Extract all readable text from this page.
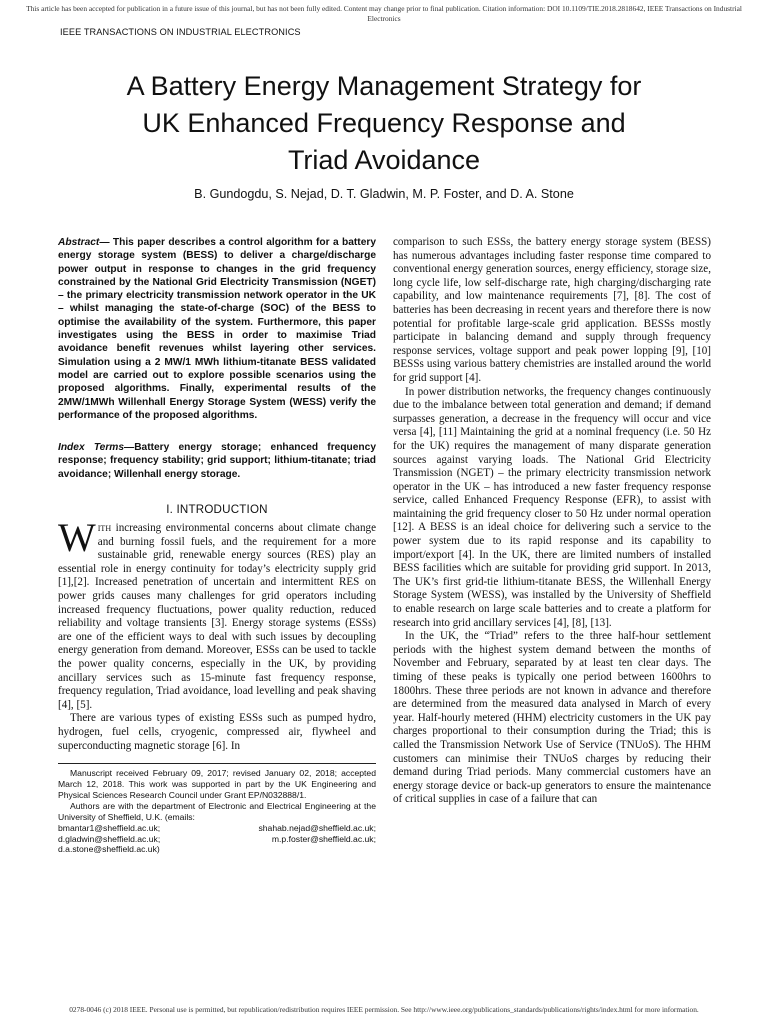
This article has been accepted for publication in a future issue of this journal, but has not been fully edited. Content may change prior to final publication. Citation information: DOI 10.1109/TIE.2018.2818642, IEEE Transactions on Industrial Electronics
IEEE TRANSACTIONS ON INDUSTRIAL ELECTRONICS
A Battery Energy Management Strategy for
UK Enhanced Frequency Response and
Triad Avoidance
B. Gundogdu, S. Nejad, D. T. Gladwin, M. P. Foster, and D. A. Stone

Abstract— This paper describes a control algorithm for a battery energy storage system (BESS) to deliver a charge/discharge power output in response to changes in the grid frequency constrained by the National Grid Electricity Transmission (NGET) – the primary electricity transmission network operator in the UK – whilst managing the state-of-charge (SOC) of the BESS to optimise the availability of the system. Furthermore, this paper investigates using the BESS in order to maximise Triad avoidance benefit revenues whilst layering other services. Simulation using a 2 MW/1 MWh lithium-titanate BESS validated model are carried out to explore possible scenarios using the proposed algorithms. Finally, experimental results of the 2MW/1MWh Willenhall Energy Storage System (WESS) verify the performance of the proposed algorithms.

Index Terms—Battery energy storage; enhanced frequency response; frequency stability; grid support; lithium-titanate; triad avoidance; Willenhall energy storage.

I. INTRODUCTION

With increasing environmental concerns about climate change and burning fossil fuels, and the requirement for a more sustainable grid, renewable energy sources (RES) play an essential role in energy continuity for today’s electricity supply grid [1],[2]. Increased penetration of uncertain and intermittent RES on power grids causes many challenges for grid operators including increased frequency fluctuations, power quality reduction, reduced reliability and voltage transients [3]. Energy storage systems (ESSs) are one of the efficient ways to deal with such issues by decoupling energy generation from demand. Moreover, ESSs can be used to tackle the power quality concerns, especially in the UK, by providing ancillary services such as 15-minute fast frequency response, frequency regulation, Triad avoidance, load levelling and peak shaving [4], [5].

There are various types of existing ESSs such as pumped hydro, hydrogen, fuel cells, cryogenic, compressed air, flywheel and superconducting magnetic storage [6]. In

Manuscript received February 09, 2017; revised January 02, 2018; accepted March 12, 2018. This work was supported in part by the UK Engineering and Physical Sciences Research Council under Grant EP/N032888/1.

Authors are with the department of Electronic and Electrical Engineering at the University of Sheffield, U.K. (emails:

bmantar1@sheffield.ac.uk;	shahab.nejad@sheffield.ac.uk;
d.gladwin@sheffield.ac.uk;	m.p.foster@sheffield.ac.uk;
d.a.stone@sheffield.ac.uk)

comparison to such ESSs, the battery energy storage system (BESS) has numerous advantages including faster response time compared to conventional energy generation sources, energy efficiency, storage size, long cycle life, low self-discharge rate, high charging/discharging rate capability, and low maintenance requirements [7], [8]. The cost of batteries has been decreasing in recent years and therefore there is now potential for profitable large-scale grid application. BESSs mostly participate in balancing demand and supply through frequency response services, voltage support and peak power lopping [9], [10] BESSs using various battery chemistries are installed around the world for grid support [4].

In power distribution networks, the frequency changes continuously due to the imbalance between total generation and demand; if demand surpasses generation, a decrease in the frequency will occur and vice versa [4], [11] Maintaining the grid at a nominal frequency (i.e. 50 Hz for the UK) requires the management of many disparate generation sources against varying loads. The National Grid Electricity Transmission (NGET) – the primary electricity transmission network operator in the UK – has introduced a new faster frequency response service, called Enhanced Frequency Response (EFR), to assist with maintaining the grid frequency closer to 50 Hz under normal operation [12]. A BESS is an ideal choice for delivering such a service to the power system due to its rapid response and its capability to import/export [4]. In the UK, there are limited numbers of installed BESS facilities which are suitable for providing grid support. In 2013, The UK’s first grid-tie lithium-titanate BESS, the Willenhall Energy Storage System (WESS), was installed by the University of Sheffield to enable research on large scale batteries and to create a platform for research into grid ancillary services [4], [8], [13].

In the UK, the “Triad” refers to the three half-hour settlement periods with the highest system demand between the months of November and February, separated by at least ten clear days. The timing of these peaks is typically one period between 1600hrs to 1800hrs. These three periods are not known in advance and therefore are determined from the measured data analysed in March of every year. Half-hourly metered (HHM) electricity customers in the UK pay charges proportional to their consumption during the Triad; this is called the Transmission Network Use of Service (TNUoS). The HHM customers can minimise their TNUoS charges by reducing their demand during Triad periods. Many commercial customers have an energy storage device or back-up generators to ensure the maintenance of critical supplies in case of a failure that can

0278-0046 (c) 2018 IEEE. Personal use is permitted, but republication/redistribution requires IEEE permission. See http://www.ieee.org/publications_standards/publications/rights/index.html for more information.
